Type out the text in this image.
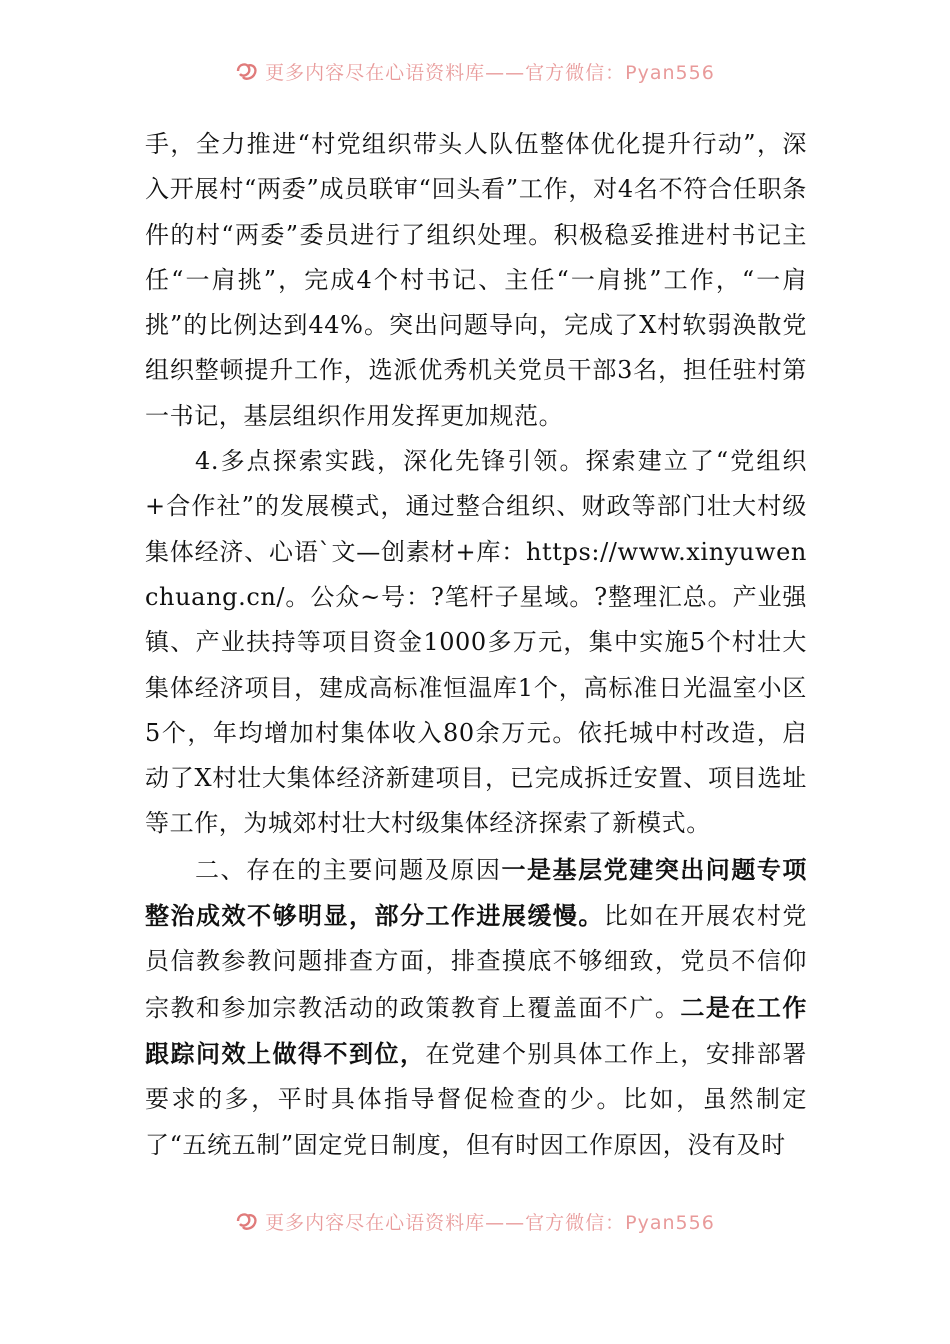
更多内容尽在心语资料库——官方微信：Pyan556

手，全力推进“村党组织带头人队伍整体优化提升行动”，深入开展村“两委”成员联审“回头看”工作，对4名不符合任职条件的村“两委”委员进行了组织处理。积极稳妥推进村书记主任“一肩挑”，完成4个村书记、主任“一肩挑”工作，“一肩挑”的比例达到44%。突出问题导向，完成了X村软弱涣散党组织整顿提升工作，选派优秀机关党员干部3名，担任驻村第一书记，基层组织作用发挥更加规范。

4.多点探索实践，深化先锋引领。探索建立了“党组织+合作社”的发展模式，通过整合组织、财政等部门壮大村级集体经济、心语`文—创素材+库：https://www.xinyuwenchuang.cn/。公众~号：?笔杆子星域。?整理汇总。产业强镇、产业扶持等项目资金1000多万元，集中实施5个村壮大集体经济项目，建成高标准恒温库1个，高标准日光温室小区5个，年均增加村集体收入80余万元。依托城中村改造，启动了X村壮大集体经济新建项目，已完成拆迁安置、项目选址等工作，为城郊村壮大村级集体经济探索了新模式。

二、存在的主要问题及原因一是基层党建突出问题专项整治成效不够明显，部分工作进展缓慢。比如在开展农村党员信教参教问题排查方面，排查摸底不够细致，党员不信仰宗教和参加宗教活动的政策教育上覆盖面不广。二是在工作跟踪问效上做得不到位，在党建个别具体工作上，安排部署要求的多，平时具体指导督促检查的少。比如，虽然制定了“五统五制”固定党日制度，但有时因工作原因，没有及时

更多内容尽在心语资料库——官方微信：Pyan556
